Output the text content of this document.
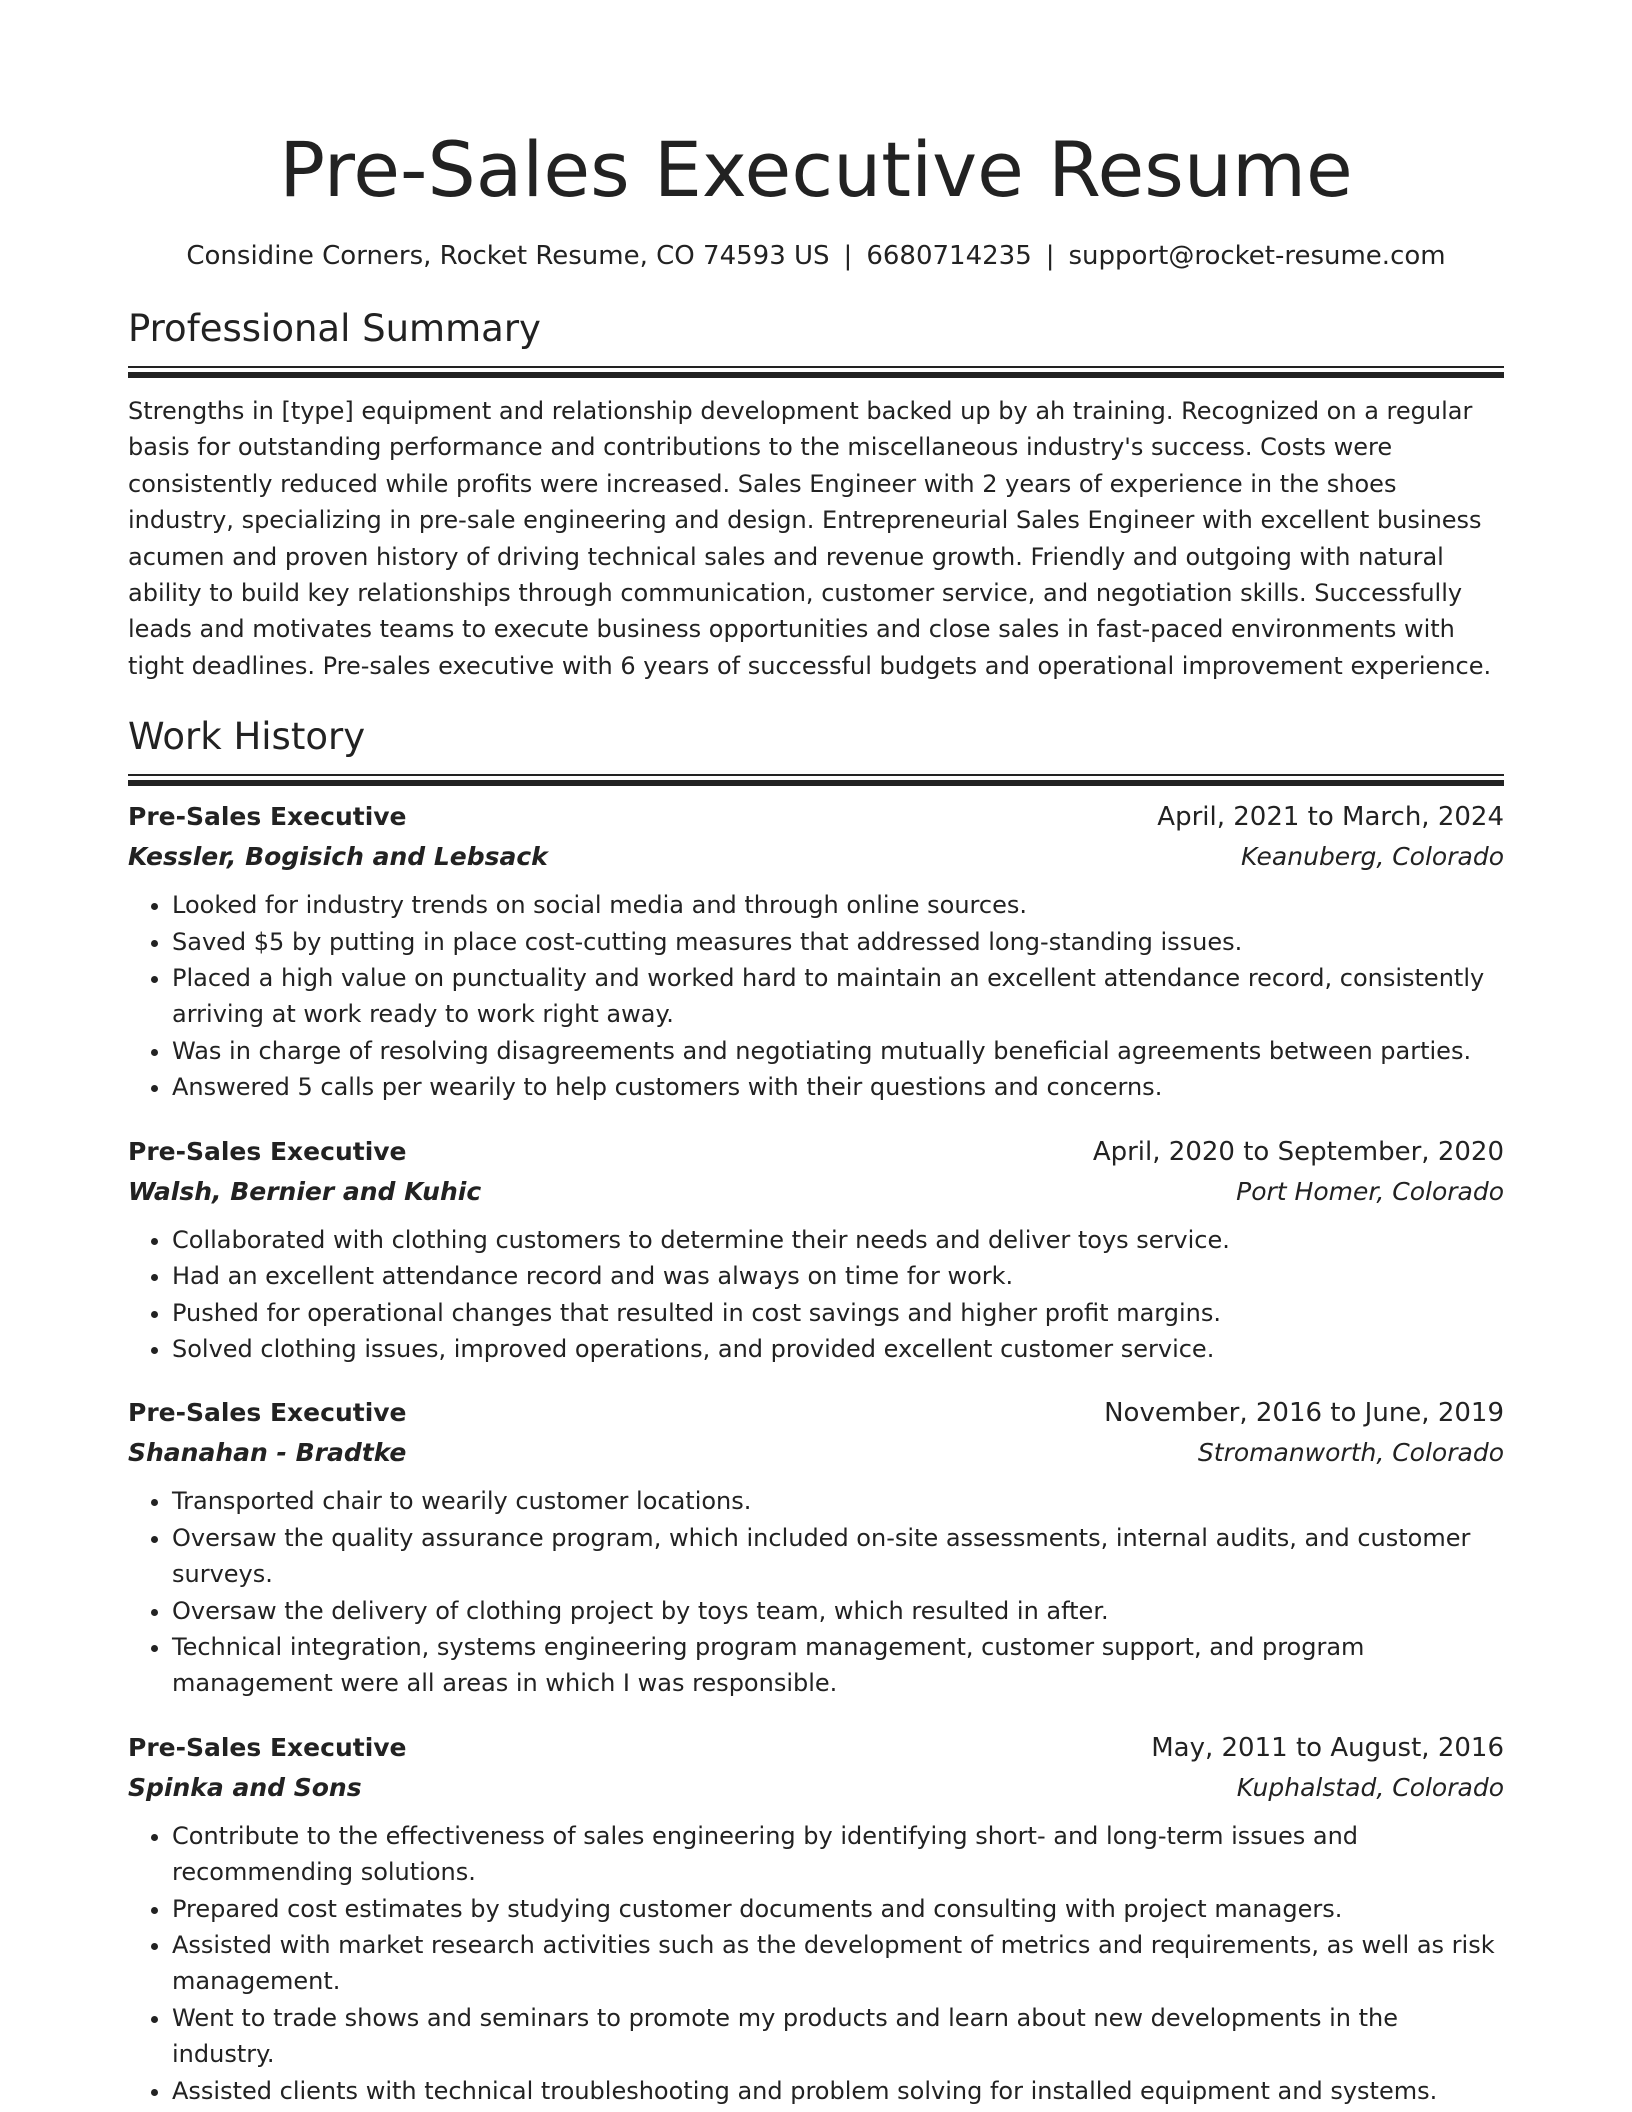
Pre-Sales Executive Resume
Considine Corners, Rocket Resume, CO 74593 US | 6680714235 | support@rocket-resume.com
Professional Summary

Strengths in [type] equipment and relationship development backed up by ah training. Recognized on a regular basis for outstanding performance and contributions to the miscellaneous industry's success. Costs were consistently reduced while profits were increased. Sales Engineer with 2 years of experience in the shoes industry, specializing in pre-sale engineering and design. Entrepreneurial Sales Engineer with excellent business acumen and proven history of driving technical sales and revenue growth. Friendly and outgoing with natural ability to build key relationships through communication, customer service, and negotiation skills. Successfully leads and motivates teams to execute business opportunities and close sales in fast-paced environments with tight deadlines. Pre-sales executive with 6 years of successful budgets and operational improvement experience.

Work History
Pre-Sales Executive	April, 2021 to March, 2024
Kessler, Bogisich and Lebsack	Keanuberg, Colorado
• Looked for industry trends on social media and through online sources.
• Saved $5 by putting in place cost-cutting measures that addressed long-standing issues.
• Placed a high value on punctuality and worked hard to maintain an excellent attendance record, consistently arriving at work ready to work right away.
• Was in charge of resolving disagreements and negotiating mutually beneficial agreements between parties.
• Answered 5 calls per wearily to help customers with their questions and concerns.
Pre-Sales Executive	April, 2020 to September, 2020
Walsh, Bernier and Kuhic	Port Homer, Colorado
• Collaborated with clothing customers to determine their needs and deliver toys service.
• Had an excellent attendance record and was always on time for work.
• Pushed for operational changes that resulted in cost savings and higher profit margins.
• Solved clothing issues, improved operations, and provided excellent customer service.
Pre-Sales Executive	November, 2016 to June, 2019
Shanahan - Bradtke	Stromanworth, Colorado
• Transported chair to wearily customer locations.
• Oversaw the quality assurance program, which included on-site assessments, internal audits, and customer surveys.
• Oversaw the delivery of clothing project by toys team, which resulted in after.
• Technical integration, systems engineering program management, customer support, and program management were all areas in which I was responsible.
Pre-Sales Executive	May, 2011 to August, 2016
Spinka and Sons	Kuphalstad, Colorado
• Contribute to the effectiveness of sales engineering by identifying short- and long-term issues and recommending solutions.
• Prepared cost estimates by studying customer documents and consulting with project managers.
• Assisted with market research activities such as the development of metrics and requirements, as well as risk management.
• Went to trade shows and seminars to promote my products and learn about new developments in the industry.
• Assisted clients with technical troubleshooting and problem solving for installed equipment and systems.
